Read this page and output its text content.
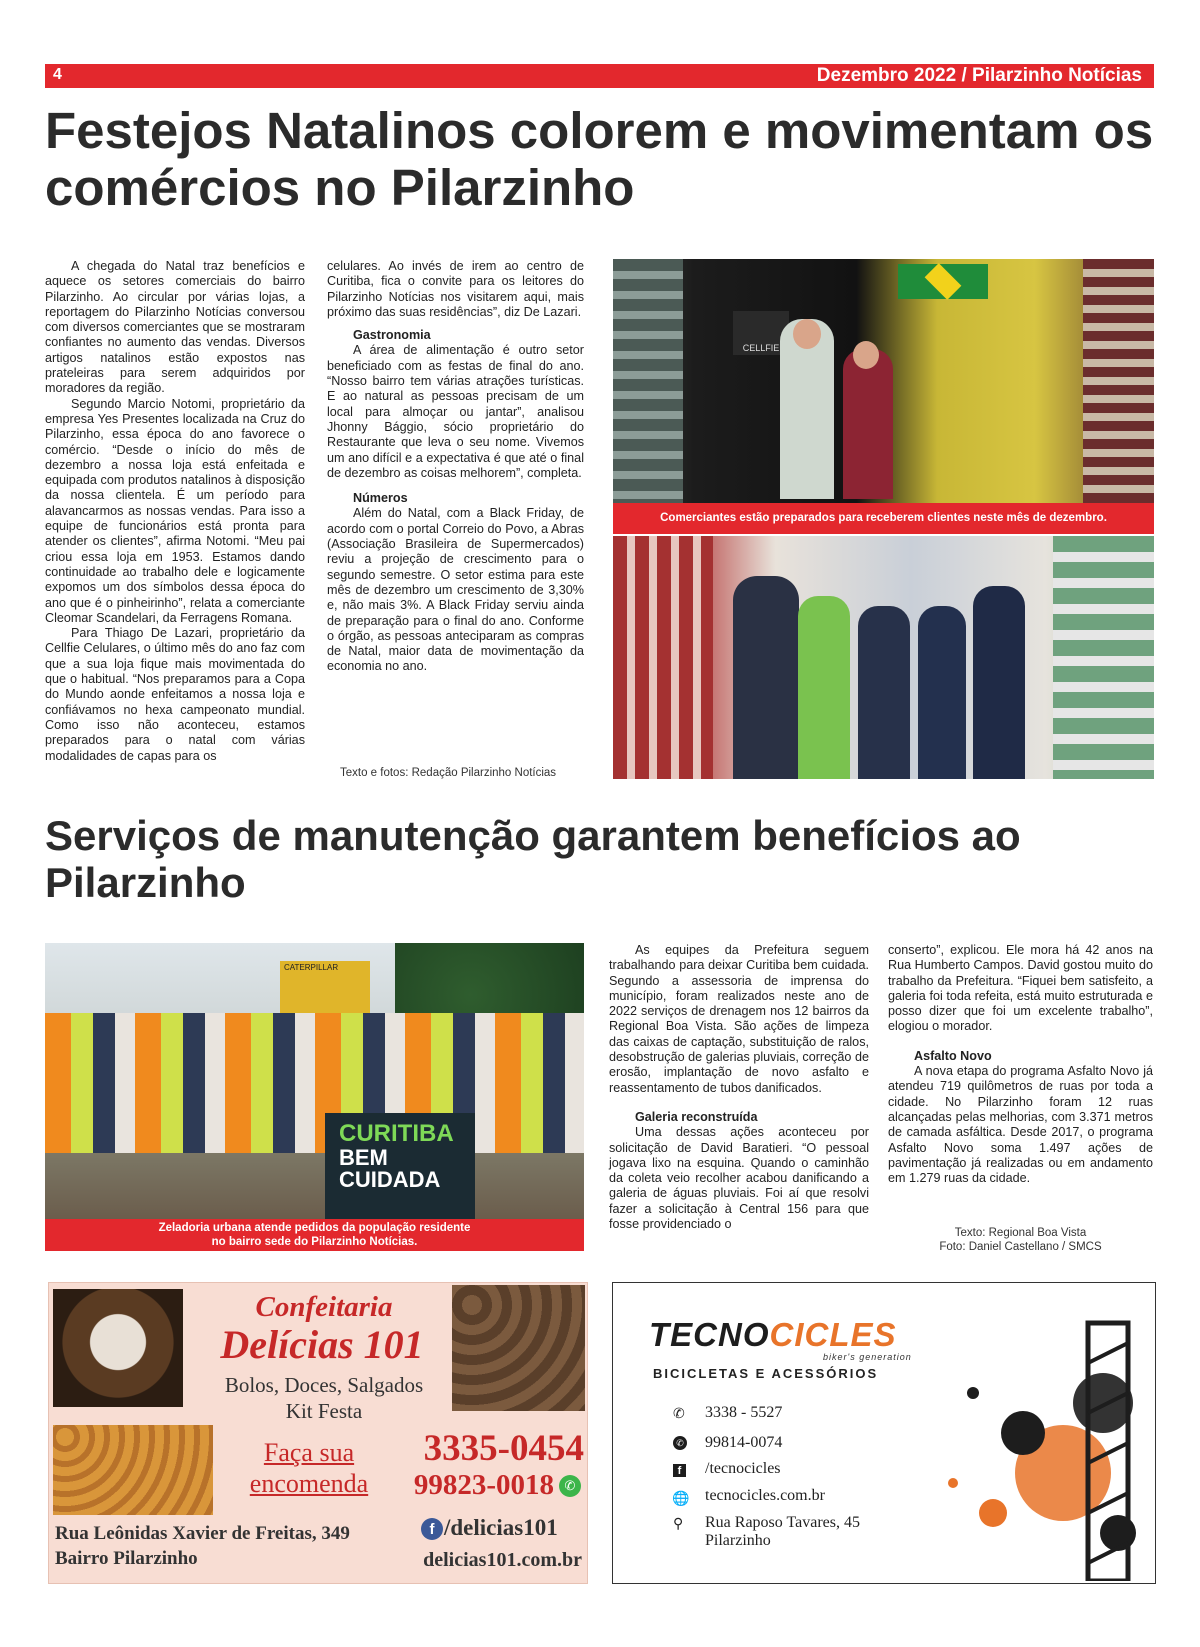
4	Dezembro 2022 / Pilarzinho Notícias
Festejos Natalinos colorem e movimentam os comércios no Pilarzinho

A chegada do Natal traz benefícios e aquece os setores comerciais do bairro Pilarzinho. Ao circular por várias lojas, a reportagem do Pilarzinho Notícias conversou com diversos comerciantes que se mostraram confiantes no aumento das vendas. Diversos artigos natalinos estão expostos nas prateleiras para serem adquiridos por moradores da região.

Segundo Marcio Notomi, proprietário da empresa Yes Presentes localizada na Cruz do Pilarzinho, essa época do ano favorece o comércio. “Desde o início do mês de dezembro a nossa loja está enfeitada e equipada com produtos natalinos à disposição da nossa clientela. É um período para alavancarmos as nossas vendas. Para isso a equipe de funcionários está pronta para atender os clientes”, afirma Notomi. “Meu pai criou essa loja em 1953. Estamos dando continuidade ao trabalho dele e logicamente expomos um dos símbolos dessa época do ano que é o pinheirinho”, relata a comerciante Cleomar Scandelari, da Ferragens Romana.

Para Thiago De Lazari, proprietário da Cellfie Celulares, o último mês do ano faz com que a sua loja fique mais movimentada do que o habitual. “Nos preparamos para a Copa do Mundo aonde enfeitamos a nossa loja e confiávamos no hexa campeonato mundial. Como isso não aconteceu, estamos preparados para o natal com várias modalidades de capas para os

celulares. Ao invés de irem ao centro de Curitiba, fica o convite para os leitores do Pilarzinho Notícias nos visitarem aqui, mais próximo das suas residências”, diz De Lazari.

Gastronomia

A área de alimentação é outro setor beneficiado com as festas de final do ano. “Nosso bairro tem várias atrações turísticas. E ao natural as pessoas precisam de um local para almoçar ou jantar”, analisou Jhonny Bággio, sócio proprietário do Restaurante que leva o seu nome. Vivemos um ano difícil e a expectativa é que até o final de dezembro as coisas melhorem”, completa.

Números

Além do Natal, com a Black Friday, de acordo com o portal Correio do Povo, a Abras (Associação Brasileira de Supermercados) reviu a projeção de crescimento para o segundo semestre. O setor estima para este mês de dezembro um crescimento de 3,30% e, não mais 3%. A Black Friday serviu ainda de preparação para o final do ano. Conforme o órgão, as pessoas anteciparam as compras de Natal, maior data de movimentação da economia no ano.

Texto e fotos: Redação Pilarzinho Notícias
CELLFIE
Comerciantes estão preparados para receberem clientes neste mês de dezembro.
Serviços de manutenção garantem benefícios ao Pilarzinho
CATERPILLAR
CURITIBA
BEM
CUIDADA
Zeladoria urbana atende pedidos da população residente
no bairro sede do Pilarzinho Notícias.

As equipes da Prefeitura seguem trabalhando para deixar Curitiba bem cuidada. Segundo a assessoria de imprensa do município, foram realizados neste ano de 2022 serviços de drenagem nos 12 bairros da Regional Boa Vista. São ações de limpeza das caixas de captação, substituição de ralos, desobstrução de galerias pluviais, correção de erosão, implantação de novo asfalto e reassentamento de tubos danificados.

Galeria reconstruída

Uma dessas ações aconteceu por solicitação de David Baratieri. “O pessoal jogava lixo na esquina. Quando o caminhão da coleta veio recolher acabou danificando a galeria de águas pluviais. Foi aí que resolvi fazer a solicitação à Central 156 para que fosse providenciado o

conserto”, explicou. Ele mora há 42 anos na Rua Humberto Campos. David gostou muito do trabalho da Prefeitura. “Fiquei bem satisfeito, a galeria foi toda refeita, está muito estruturada e posso dizer que foi um excelente trabalho”, elogiou o morador.

Asfalto Novo

A nova etapa do programa Asfalto Novo já atendeu 719 quilômetros de ruas por toda a cidade. No Pilarzinho foram 12 ruas alcançadas pelas melhorias, com 3.371 metros de camada asfáltica. Desde 2017, o programa Asfalto Novo soma 1.497 ações de pavimentação já realizadas ou em andamento em 1.279 ruas da cidade.

Texto: Regional Boa Vista
Foto: Daniel Castellano / SMCS
Confeitaria
Delícias 101
Bolos, Doces, Salgados
Kit Festa
Faça sua
encomenda
3335-0454
99823-0018 ✆
Rua Leônidas Xavier de Freitas, 349
Bairro Pilarzinho
f /delicias101
delicias101.com.br
TECNOCICLES
biker's generation
BICICLETAS E ACESSÓRIOS
✆ 3338 - 5527
✆ 99814-0074
f /tecnocicles
🌐 tecnocicles.com.br
⚲ Rua Raposo Tavares, 45
Pilarzinho
